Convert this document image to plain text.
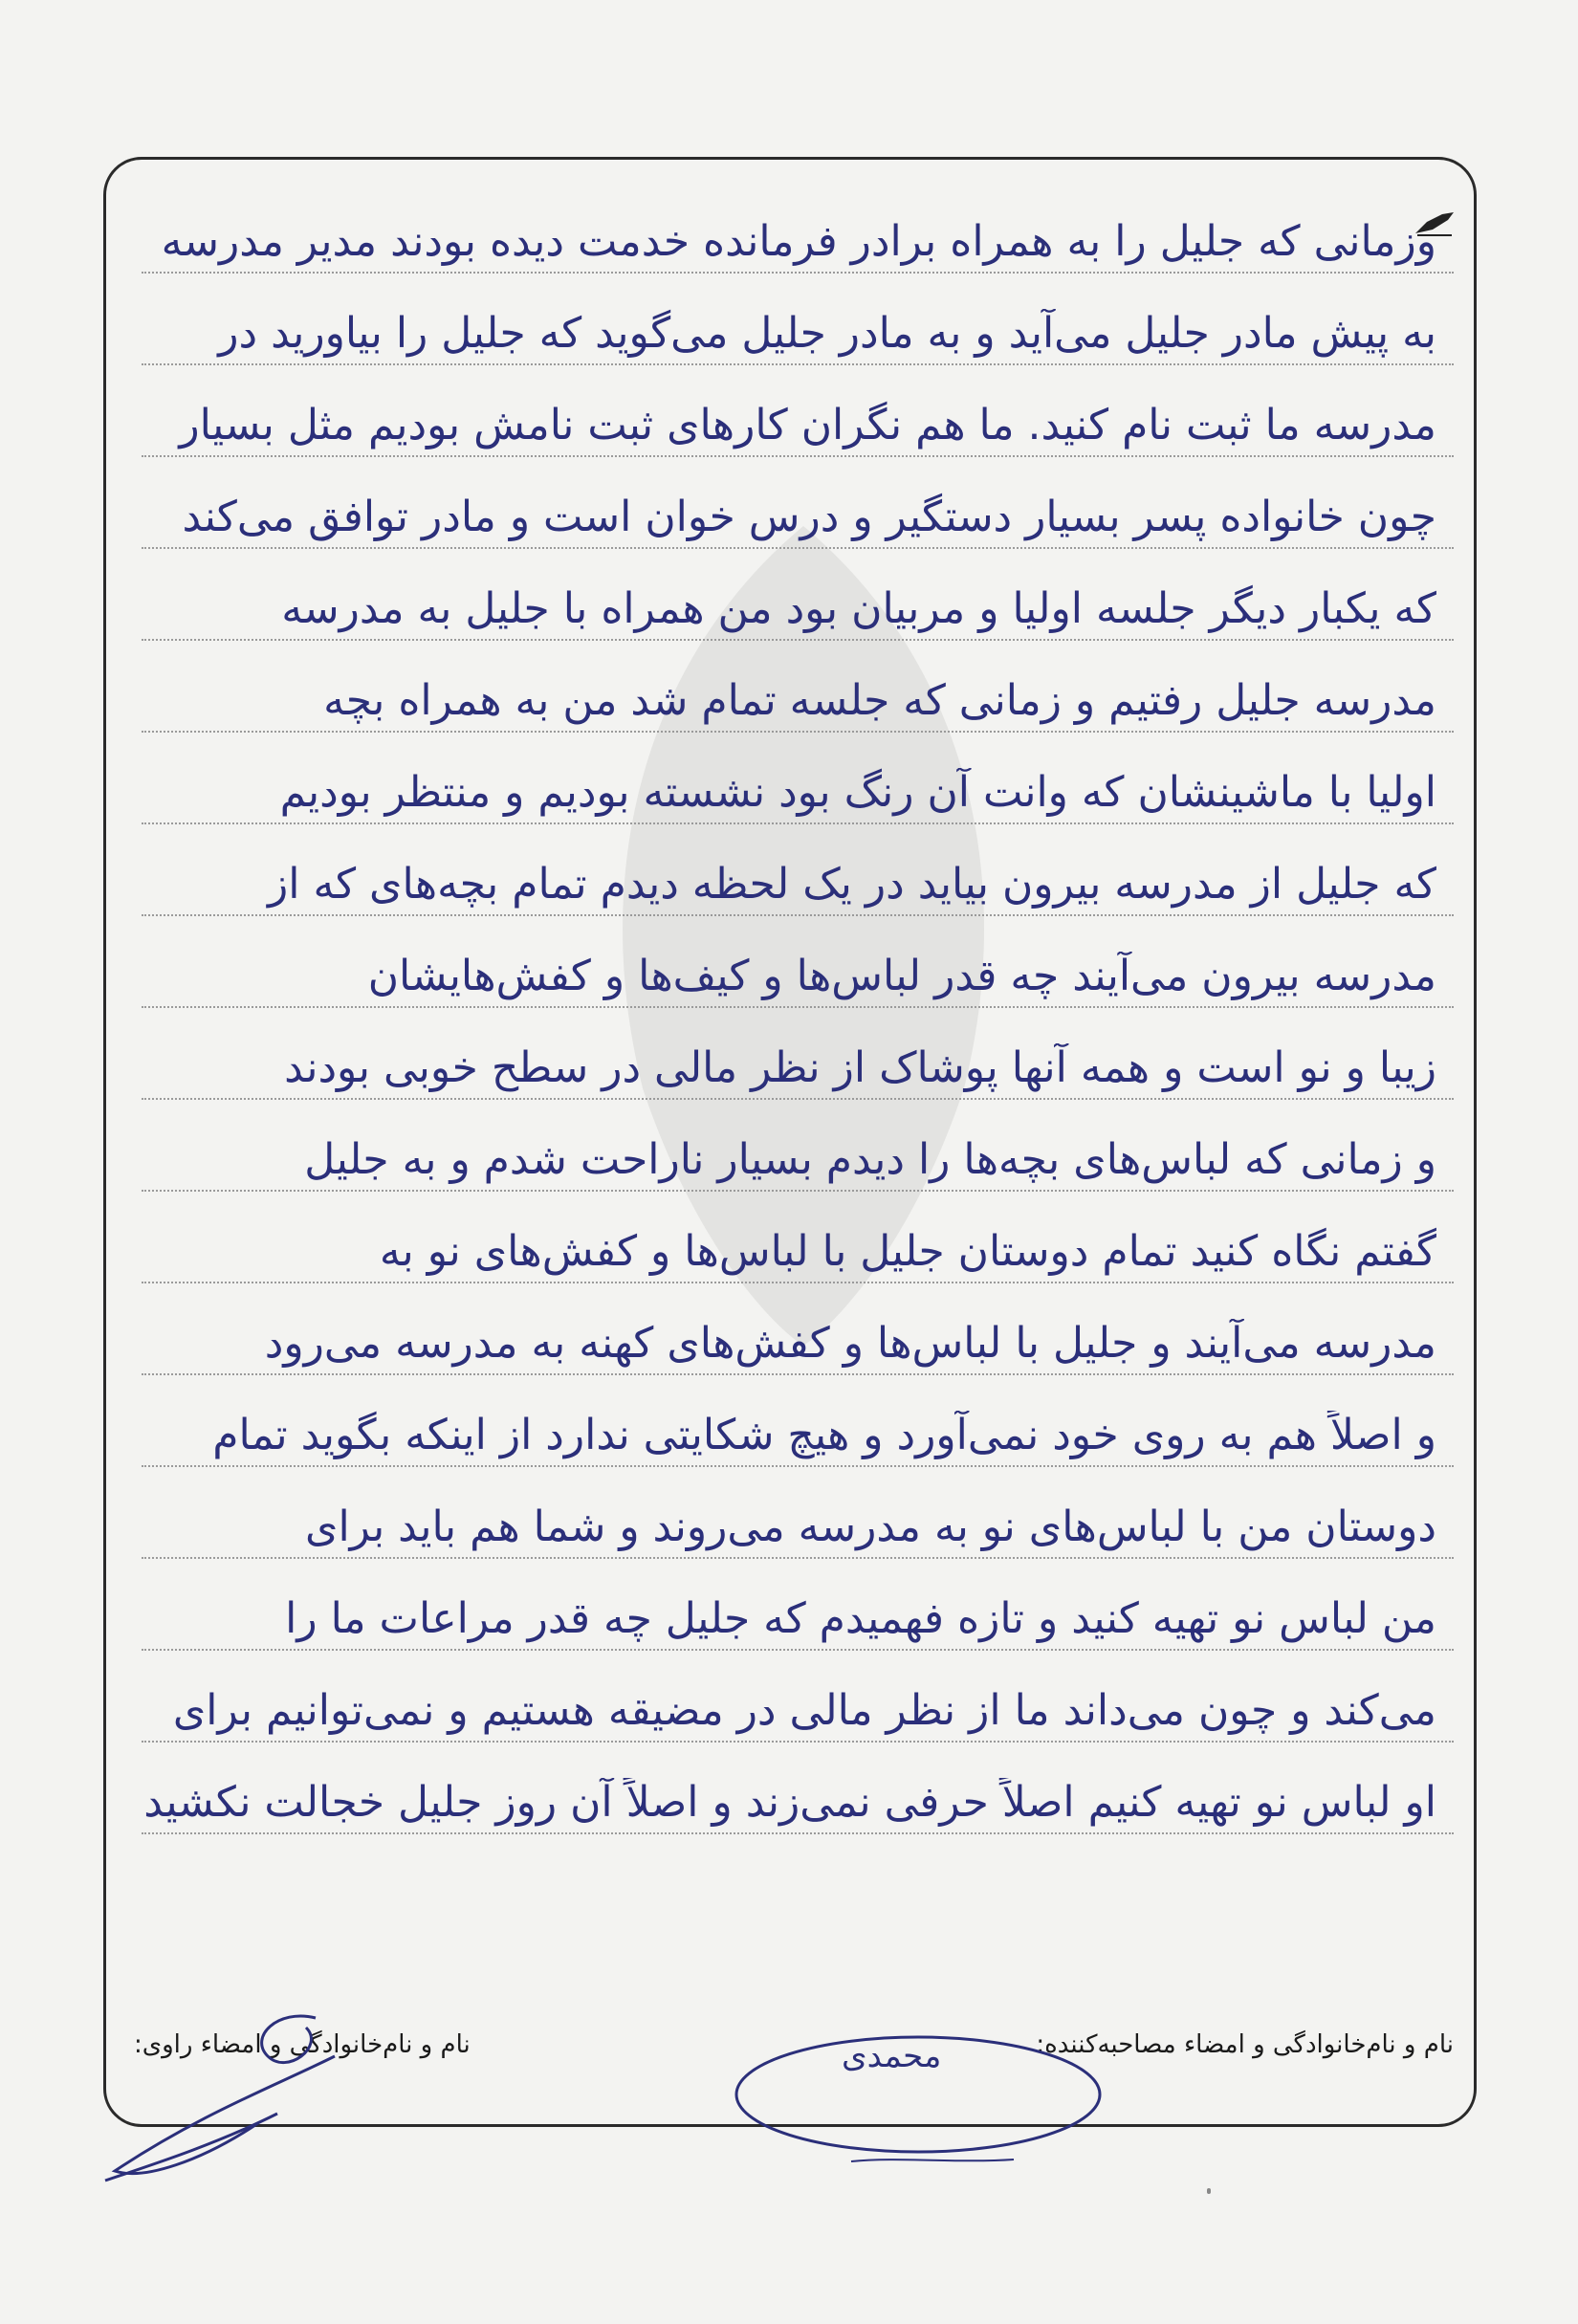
وزمانی که جلیل را به همراه برادر فرمانده خدمت دیده بودند مدیر مدرسه
به پیش مادر جلیل می‌آید و به مادر جلیل می‌گوید که جلیل را بیاورید در
مدرسه ما ثبت نام کنید. ما هم نگران کارهای ثبت نامش بودیم مثل بسیار
چون خانواده پسر بسیار دستگیر و درس خوان است و مادر توافق می‌کند
که یکبار دیگر جلسه اولیا و مربیان بود من همراه با جلیل به مدرسه
مدرسه جلیل رفتیم و زمانی که جلسه تمام شد من به همراه بچه
اولیا با ماشینشان که وانت آن رنگ بود نشسته بودیم و منتظر بودیم
که جلیل از مدرسه بیرون بیاید در یک لحظه دیدم تمام بچه‌های که از
مدرسه بیرون می‌آیند چه قدر لباس‌ها و کیف‌ها و کفش‌هایشان
زیبا و نو است و همه آنها پوشاک از نظر مالی در سطح خوبی بودند
و زمانی که لباس‌های بچه‌ها را دیدم بسیار ناراحت شدم و به جلیل
گفتم نگاه کنید تمام دوستان جلیل با لباس‌ها و کفش‌های نو به
مدرسه می‌آیند و جلیل با لباس‌ها و کفش‌های کهنه به مدرسه می‌رود
و اصلاً هم به روی خود نمی‌آورد و هیچ شکایتی ندارد از اینکه بگوید تمام
دوستان من با لباس‌های نو به مدرسه می‌روند و شما هم باید برای
من لباس نو تهیه کنید و تازه فهمیدم که جلیل چه قدر مراعات ما را
می‌کند و چون می‌داند ما از نظر مالی در مضیقه هستیم و نمی‌توانیم برای
او لباس نو تهیه کنیم اصلاً حرفی نمی‌زند و اصلاً آن روز جلیل خجالت نکشید
نام و نام‌خانوادگی و امضاء مصاحبه‌کننده:
نام و نام‌خانوادگی و امضاء راوی:	محمدی
